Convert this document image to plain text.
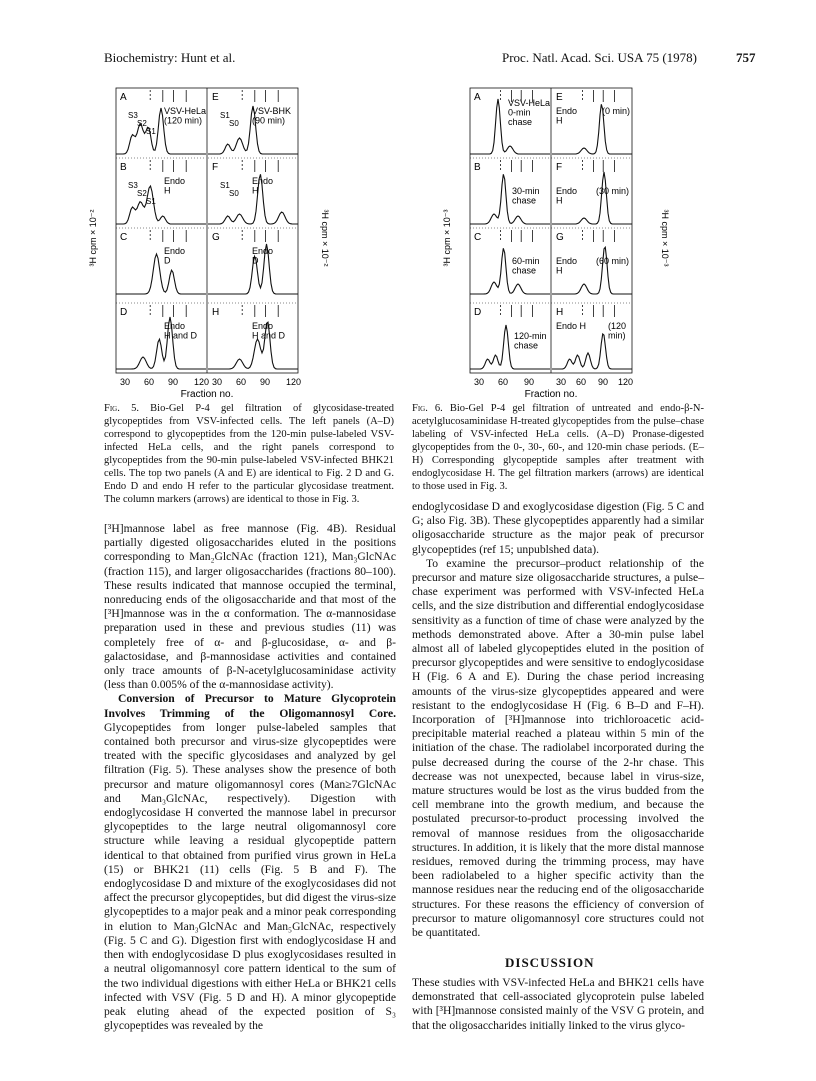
Biochemistry: Hunt et al.	Proc. Natl. Acad. Sci. USA 75 (1978)	757
A
VSV-HeLa (120 min)
S3
S2
S1
E
VSV-BHK (90 min)
S1
S0
B
Endo H
S3
S2
S1
F
Endo H
S1
S0
C
Endo D
G
Endo D
D
Endo H and D
H
Endo H and D
30 60 90 120 30 60 90 120
Fraction no.
³H cpm × 10⁻²	³H cpm × 10⁻²
Fig. 5. Bio-Gel P-4 gel filtration of glycosidase-treated glycopeptides from VSV-infected cells. The left panels (A–D) correspond to glycopeptides from the 120-min pulse-labeled VSV-infected HeLa cells, and the right panels correspond to glycopeptides from the 90-min pulse-labeled VSV-infected BHK21 cells. The top two panels (A and E) are identical to Fig. 2 D and G. Endo D and endo H refer to the particular glycosidase treatment. The column markers (arrows) are identical to those in Fig. 3.
A	E
B	F
C	G
D	H
VSV-HeLa 0-min chase
Endo H
(0 min)
30-min chase
Endo H
(30 min)
60-min chase
Endo H
(60 min)
120-min chase
Endo H (120 min)
30 60 90 30 60 90 120
Fraction no.
³H cpm × 10⁻³	³H cpm × 10⁻³
Fig. 6. Bio-Gel P-4 gel filtration of untreated and endo-β-N-acetylglucosaminidase H-treated glycopeptides from the pulse–chase labeling of VSV-infected HeLa cells. (A–D) Pronase-digested glycopeptides from the 0-, 30-, 60-, and 120-min chase periods. (E–H) Corresponding glycopeptide samples after treatment with endoglycosidase H. The gel filtration markers (arrows) are identical to those used in Fig. 3.

[³H]mannose label as free mannose (Fig. 4B). Residual partially digested oligosaccharides eluted in the positions corresponding to Man₂GlcNAc (fraction 121), Man₃GlcNAc (fraction 115), and larger oligosaccharides (fractions 80–100). These results indicated that mannose occupied the terminal, nonreducing ends of the oligosaccharide and that most of the [³H]mannose was in the α conformation. The α-mannosidase preparation used in these and previous studies (11) was completely free of α- and β-glucosidase, α- and β-galactosidase, and β-mannosidase activities and contained only trace amounts of β-N-acetylglucosaminidase activity (less than 0.005% of the α-mannosidase activity).

Conversion of Precursor to Mature Glycoprotein Involves Trimming of the Oligomannosyl Core. Glycopeptides from longer pulse-labeled samples that contained both precursor and virus-size glycopeptides were treated with the specific glycosidases and analyzed by gel filtration (Fig. 5). These analyses show the presence of both precursor and mature oligomannosyl cores (Man≥7GlcNAc and Man₃GlcNAc, respectively). Digestion with endoglycosidase H converted the mannose label in precursor glycopeptides to the large neutral oligomannosyl core structure while leaving a residual glycopeptide pattern identical to that obtained from purified virus grown in HeLa (15) or BHK21 (11) cells (Fig. 5 B and F). The endoglycosidase D and mixture of the exoglycosidases did not affect the precursor glycopeptides, but did digest the virus-size glycopeptides to a major peak and a minor peak corresponding in elution to Man₃GlcNAc and Man₅GlcNAc, respectively (Fig. 5 C and G). Digestion first with endoglycosidase H and then with endoglycosidase D plus exoglycosidases resulted in a neutral oligomannosyl core pattern identical to the sum of the two individual digestions with either HeLa or BHK21 cells infected with VSV (Fig. 5 D and H). A minor glycopeptide peak eluting ahead of the expected position of S₃ glycopeptides was revealed by the

endoglycosidase D and exoglycosidase digestion (Fig. 5 C and G; also Fig. 3B). These glycopeptides apparently had a similar oligosaccharide structure as the major peak of precursor glycopeptides (ref 15; unpublshed data).

To examine the precursor–product relationship of the precursor and mature size oligosaccharide structures, a pulse–chase experiment was performed with VSV-infected HeLa cells, and the size distribution and differential endoglycosidase sensitivity as a function of time of chase were analyzed by the methods demonstrated above. After a 30-min pulse label almost all of labeled glycopeptides eluted in the position of precursor glycopeptides and were sensitive to endoglycosidase H (Fig. 6 A and E). During the chase period increasing amounts of the virus-size glycopeptides appeared and were resistant to the endoglycosidase H (Fig. 6 B–D and F–H). Incorporation of [³H]mannose into trichloroacetic acid-precipitable material reached a plateau within 5 min of the initiation of the chase. The radiolabel incorporated during the pulse decreased during the course of the 2-hr chase. This decrease was not unexpected, because label in virus-size, mature structures would be lost as the virus budded from the cell membrane into the growth medium, and because the postulated precursor-to-product processing involved the removal of mannose residues from the oligosaccharide structures. In addition, it is likely that the more distal mannose residues, removed during the trimming process, may have been radiolabeled to a higher specific activity than the mannose residues near the reducing end of the oligosaccharide structures. For these reasons the efficiency of conversion of precursor to mature oligomannosyl core structures could not be quantitated.

DISCUSSION

These studies with VSV-infected HeLa and BHK21 cells have demonstrated that cell-associated glycoprotein pulse labeled with [³H]mannose consisted mainly of the VSV G protein, and that the oligosaccharides initially linked to the virus glyco-
